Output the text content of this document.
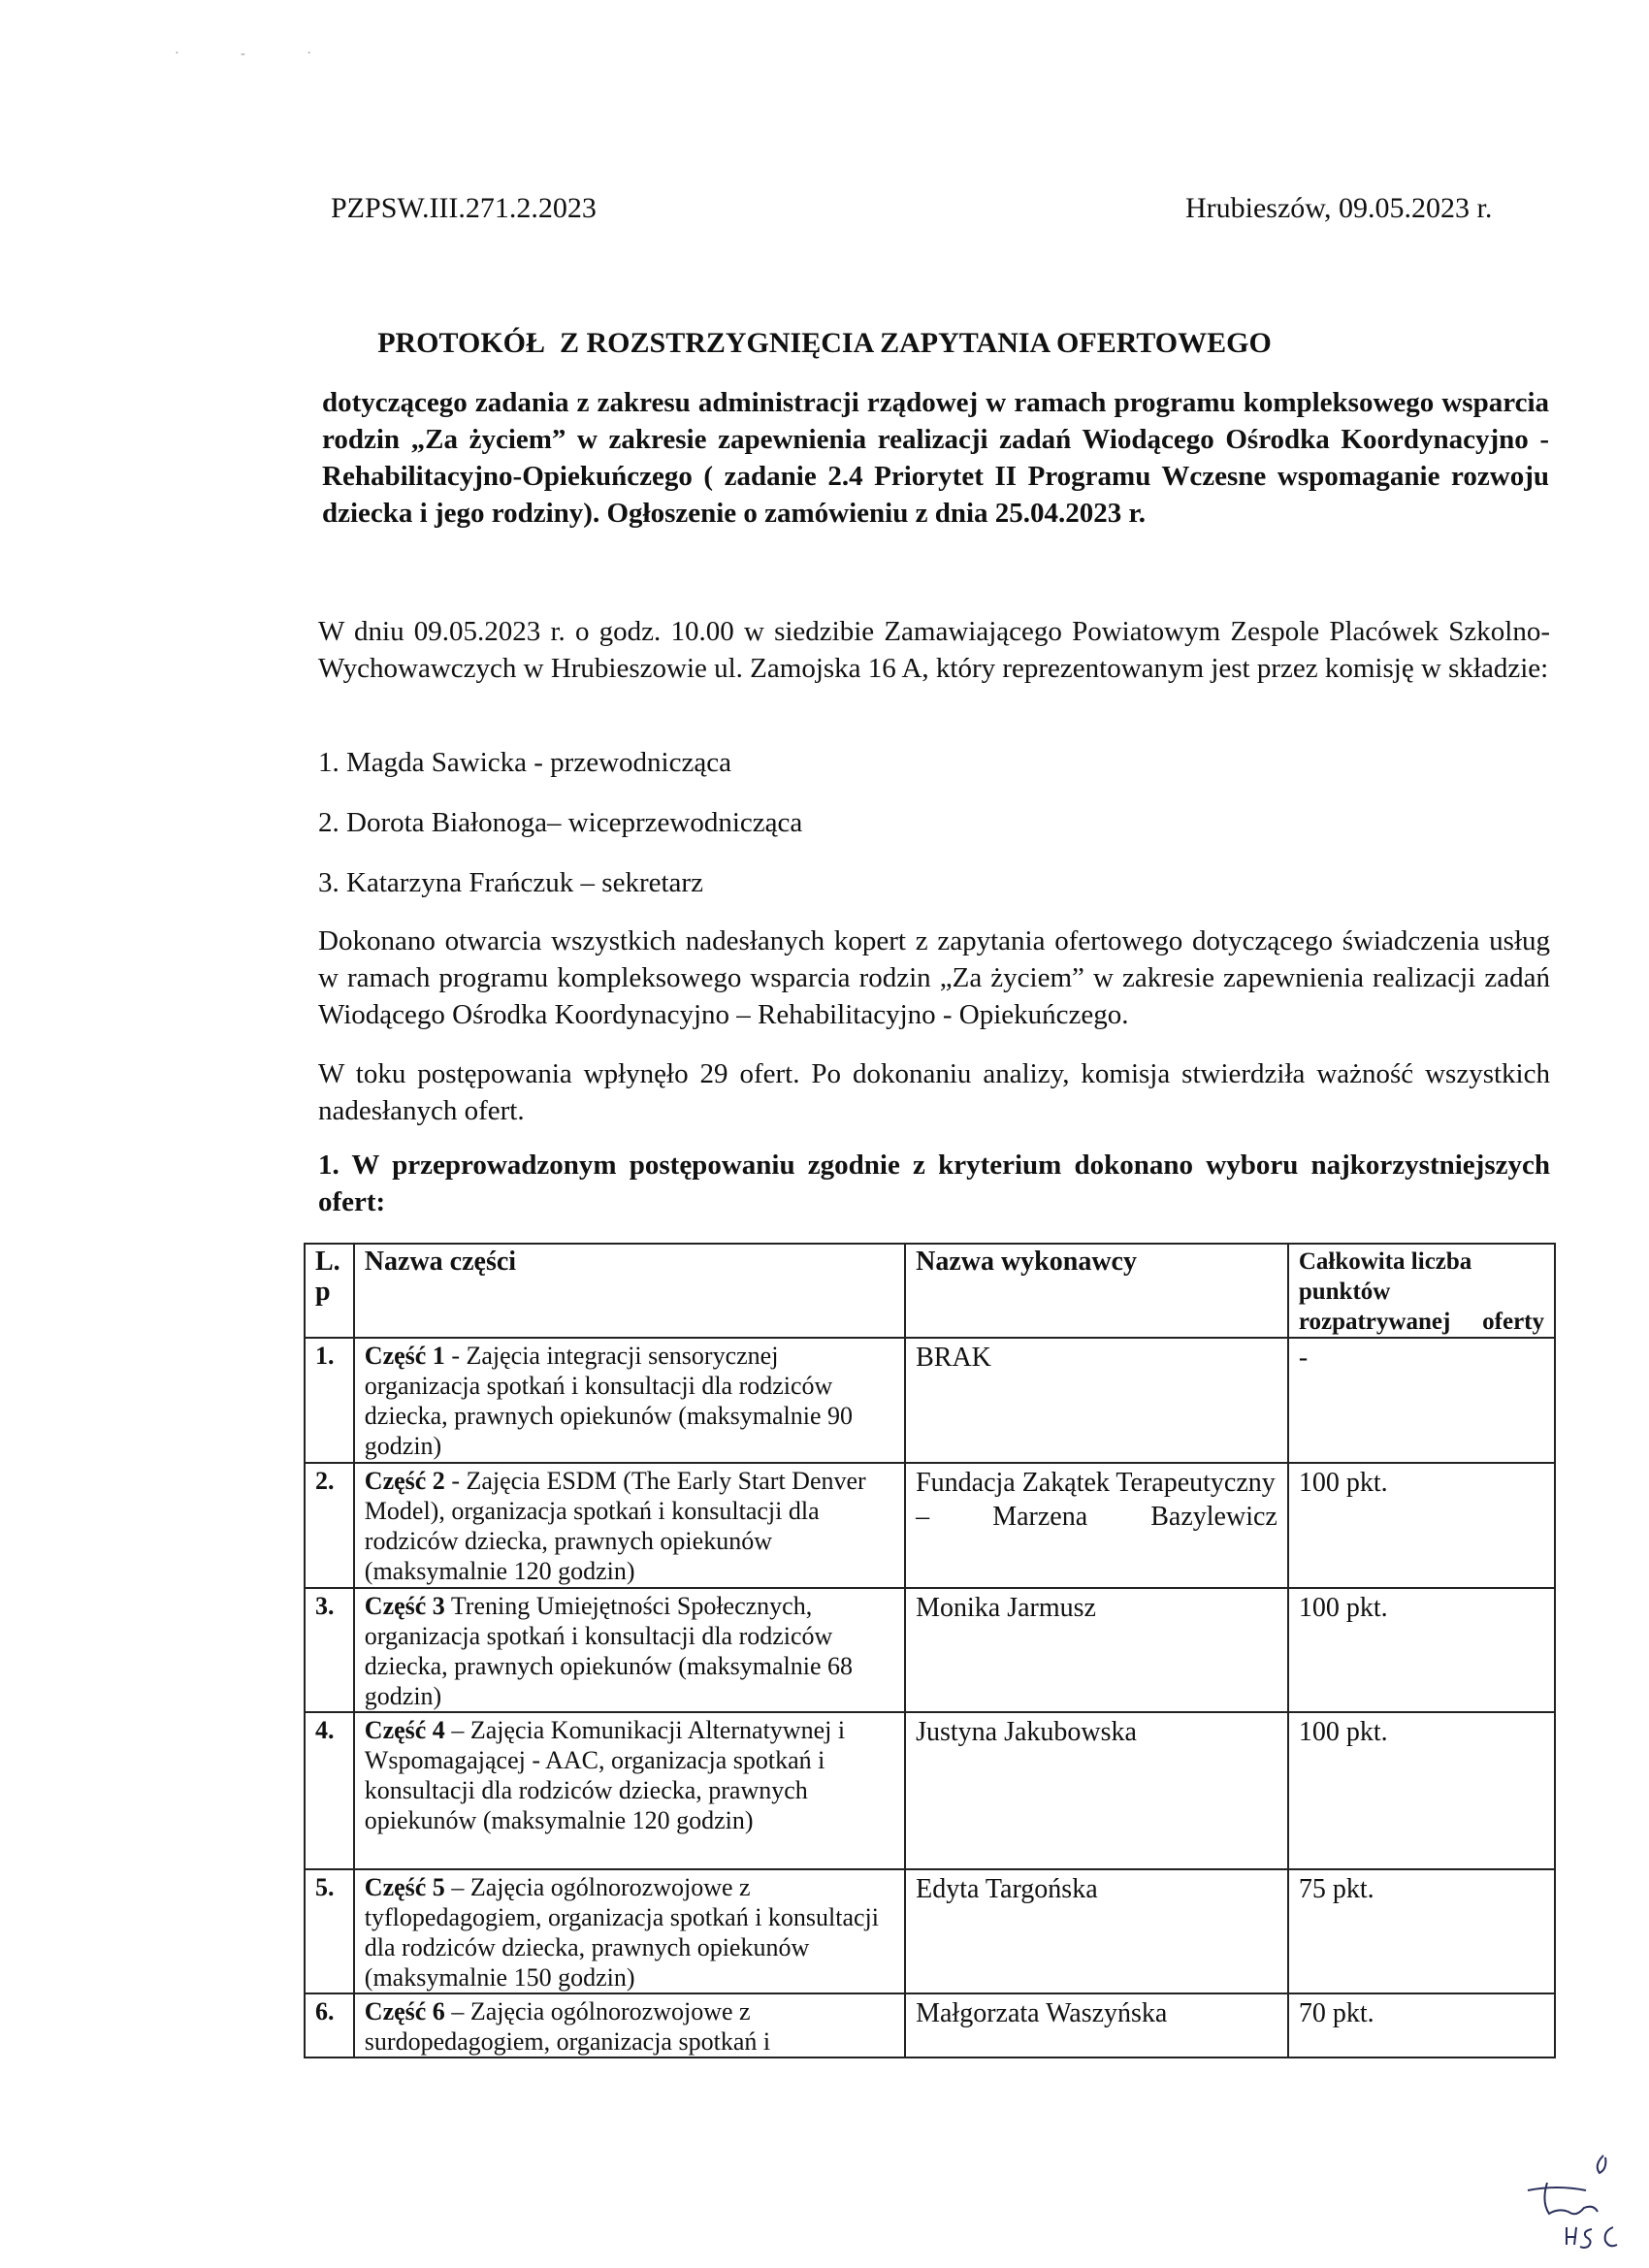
· - ·
PZPSW.III.271.2.2023	Hrubieszów, 09.05.2023 r.
PROTOKÓŁ  Z ROZSTRZYGNIĘCIA ZAPYTANIA OFERTOWEGO
dotyczącego zadania z zakresu administracji rządowej w ramach programu kompleksowego wsparcia rodzin „Za życiem” w zakresie zapewnienia realizacji zadań Wiodącego Ośrodka Koordynacyjno - Rehabilitacyjno-Opiekuńczego ( zadanie 2.4 Priorytet II Programu Wczesne wspomaganie rozwoju dziecka i jego rodziny). Ogłoszenie o zamówieniu z dnia 25.04.2023 r.
W dniu 09.05.2023 r. o godz. 10.00 w siedzibie Zamawiającego Powiatowym Zespole Placówek Szkolno-Wychowawczych w Hrubieszowie ul. Zamojska 16 A, który reprezentowanym jest przez komisję w składzie:
1. Magda Sawicka - przewodnicząca
2. Dorota Białonoga– wiceprzewodnicząca
3. Katarzyna Frańczuk – sekretarz
Dokonano otwarcia wszystkich nadesłanych kopert z zapytania ofertowego dotyczącego świadczenia usług w ramach programu kompleksowego wsparcia rodzin „Za życiem” w zakresie zapewnienia realizacji zadań Wiodącego Ośrodka Koordynacyjno – Rehabilitacyjno - Opiekuńczego.
W toku postępowania wpłynęło 29 ofert. Po dokonaniu analizy, komisja stwierdziła ważność wszystkich nadesłanych ofert.
1. W przeprowadzonym postępowaniu zgodnie z kryterium dokonano wyboru najkorzystniejszych ofert:
L. p	Nazwa części	Nazwa wykonawcy	Całkowita liczba punktów rozpatrywanej oferty
1.	Część 1 - Zajęcia integracji sensorycznej organizacja spotkań i konsultacji dla rodziców dziecka, prawnych opiekunów (maksymalnie 90 godzin)	BRAK	-
2.	Część 2 - Zajęcia ESDM (The Early Start Denver Model), organizacja spotkań i konsultacji dla rodziców dziecka, prawnych opiekunów (maksymalnie 120 godzin)	Fundacja Zakątek Terapeutyczny – Marzena Bazylewicz	100 pkt.
3.	Część 3 Trening Umiejętności Społecznych, organizacja spotkań i konsultacji dla rodziców dziecka, prawnych opiekunów (maksymalnie 68 godzin)	Monika Jarmusz	100 pkt.
4.	Część 4 – Zajęcia Komunikacji Alternatywnej i Wspomagającej - AAC, organizacja spotkań i konsultacji dla rodziców dziecka, prawnych opiekunów (maksymalnie 120 godzin)	Justyna Jakubowska	100 pkt.
5.	Część 5 – Zajęcia ogólnorozwojowe z tyflopedagogiem, organizacja spotkań i konsultacji dla rodziców dziecka, prawnych opiekunów (maksymalnie 150 godzin)	Edyta Targońska	75 pkt.
6.	Część 6 – Zajęcia ogólnorozwojowe z surdopedagogiem, organizacja spotkań i	Małgorzata Waszyńska	70 pkt.
